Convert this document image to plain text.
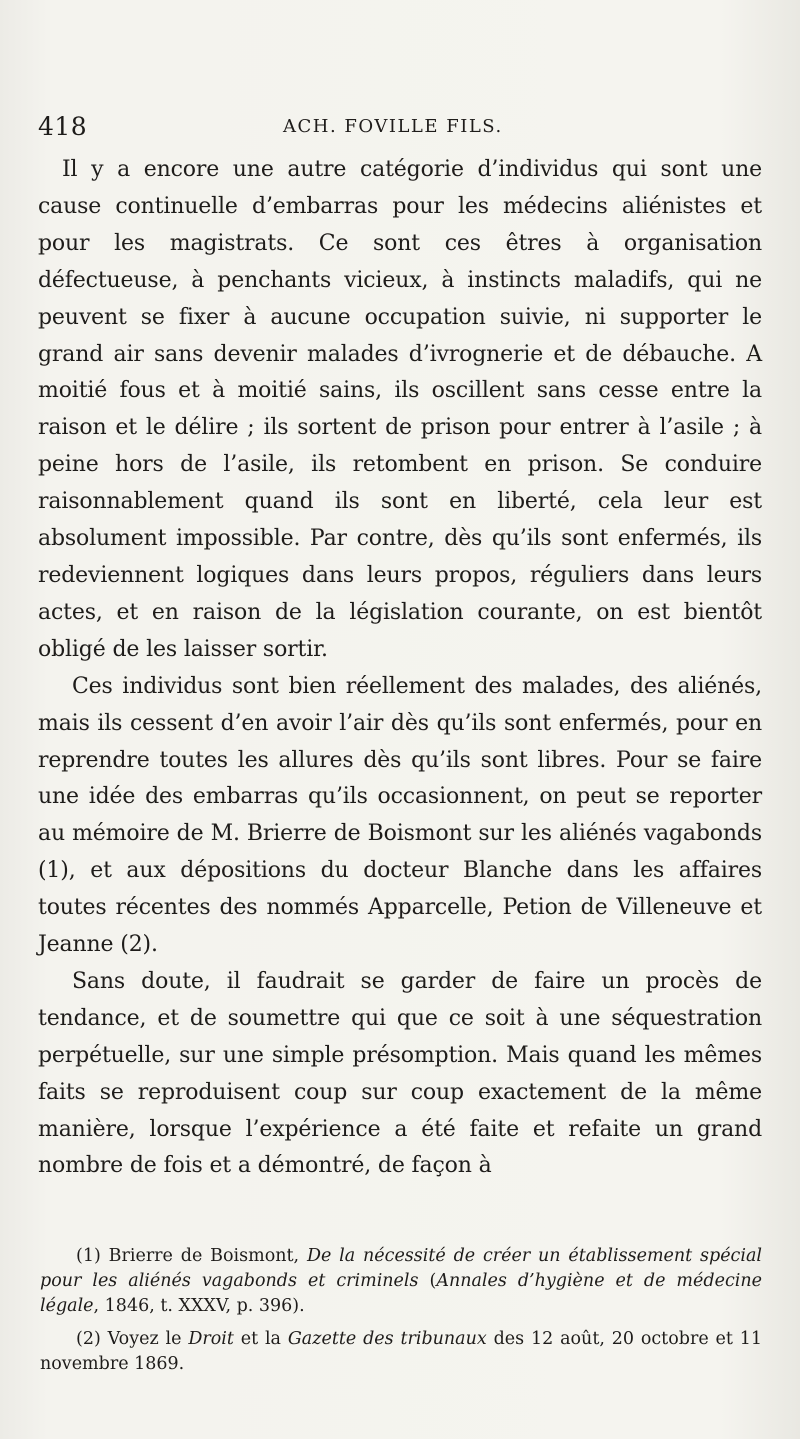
418	ACH. FOVILLE FILS.

Il y a encore une autre catégorie d’individus qui sont une cause continuelle d’embarras pour les médecins aliénistes et pour les magistrats. Ce sont ces êtres à organisation défectueuse, à penchants vicieux, à instincts maladifs, qui ne peuvent se fixer à aucune occupation suivie, ni supporter le grand air sans devenir malades d’ivrognerie et de débauche. A moitié fous et à moitié sains, ils oscillent sans cesse entre la raison et le délire ; ils sortent de prison pour entrer à l’asile ; à peine hors de l’asile, ils retombent en prison. Se conduire raisonnablement quand ils sont en liberté, cela leur est absolument impossible. Par contre, dès qu’ils sont enfermés, ils redeviennent logiques dans leurs propos, réguliers dans leurs actes, et en raison de la législation courante, on est bientôt obligé de les laisser sortir.

Ces individus sont bien réellement des malades, des aliénés, mais ils cessent d’en avoir l’air dès qu’ils sont enfermés, pour en reprendre toutes les allures dès qu’ils sont libres. Pour se faire une idée des embarras qu’ils occasionnent, on peut se reporter au mémoire de M. Brierre de Boismont sur les aliénés vagabonds (1), et aux dépositions du docteur Blanche dans les affaires toutes récentes des nommés Apparcelle, Petion de Villeneuve et Jeanne (2).

Sans doute, il faudrait se garder de faire un procès de tendance, et de soumettre qui que ce soit à une séquestration perpétuelle, sur une simple présomption. Mais quand les mêmes faits se reproduisent coup sur coup exactement de la même manière, lorsque l’expérience a été faite et refaite un grand nombre de fois et a démontré, de façon à

(1) Brierre de Boismont, De la nécessité de créer un établissement spécial pour les aliénés vagabonds et criminels (Annales d’hygiène et de médecine légale, 1846, t. XXXV, p. 396).

(2) Voyez le Droit et la Gazette des tribunaux des 12 août, 20 octobre et 11 novembre 1869.
